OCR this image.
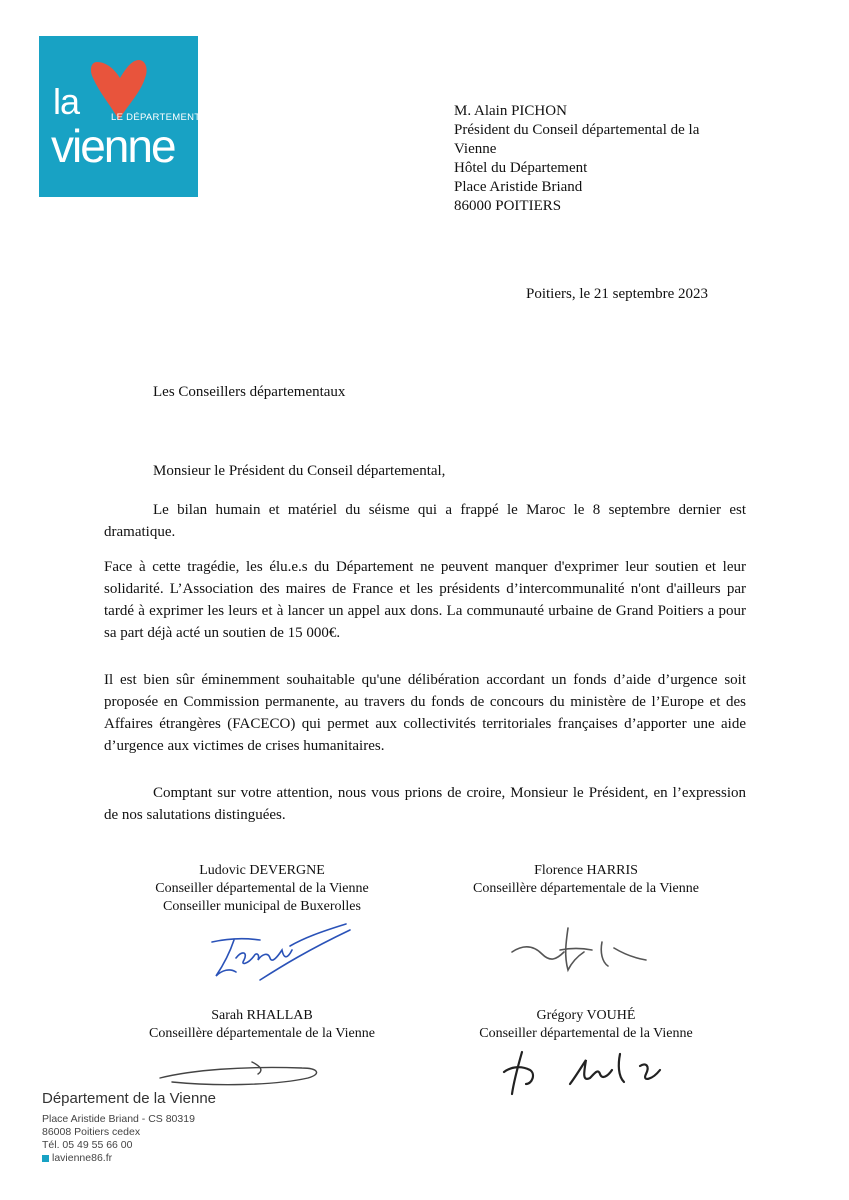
la	LE DÉPARTEMENT
vienne
M. Alain PICHON
Président du Conseil départemental de la
Vienne
Hôtel du Département
Place Aristide Briand
86000 POITIERS
Poitiers, le 21 septembre 2023
Les Conseillers départementaux
Monsieur le Président du Conseil départemental,

Le bilan humain et matériel du séisme qui a frappé le Maroc le 8 septembre dernier est dramatique.

Face à cette tragédie, les élu.e.s du Département ne peuvent manquer d'exprimer leur soutien et leur solidarité. L’Association des maires de France et les présidents d’intercommunalité n'ont d'ailleurs par tardé à exprimer les leurs et à lancer un appel aux dons. La communauté urbaine de Grand Poitiers a pour sa part déjà acté un soutien de 15 000€.

Il est bien sûr éminemment souhaitable qu'une délibération accordant un fonds d’aide d’urgence soit proposée en Commission permanente, au travers du fonds de concours du ministère de l’Europe et des Affaires étrangères (FACECO) qui permet aux collectivités territoriales françaises d’apporter une aide d’urgence aux victimes de crises humanitaires.

Comptant sur votre attention, nous vous prions de croire, Monsieur le Président, en l’expression de nos salutations distinguées.

Ludovic DEVERGNE
Conseiller départemental de la Vienne
Conseiller municipal de Buxerolles
Florence HARRIS
Conseillère départementale de la Vienne
Sarah RHALLAB
Conseillère départementale de la Vienne
Grégory VOUHÉ
Conseiller départemental de la Vienne
Département de la Vienne
Place Aristide Briand - CS 80319
86008 Poitiers cedex
Tél. 05 49 55 66 00
lavienne86.fr
